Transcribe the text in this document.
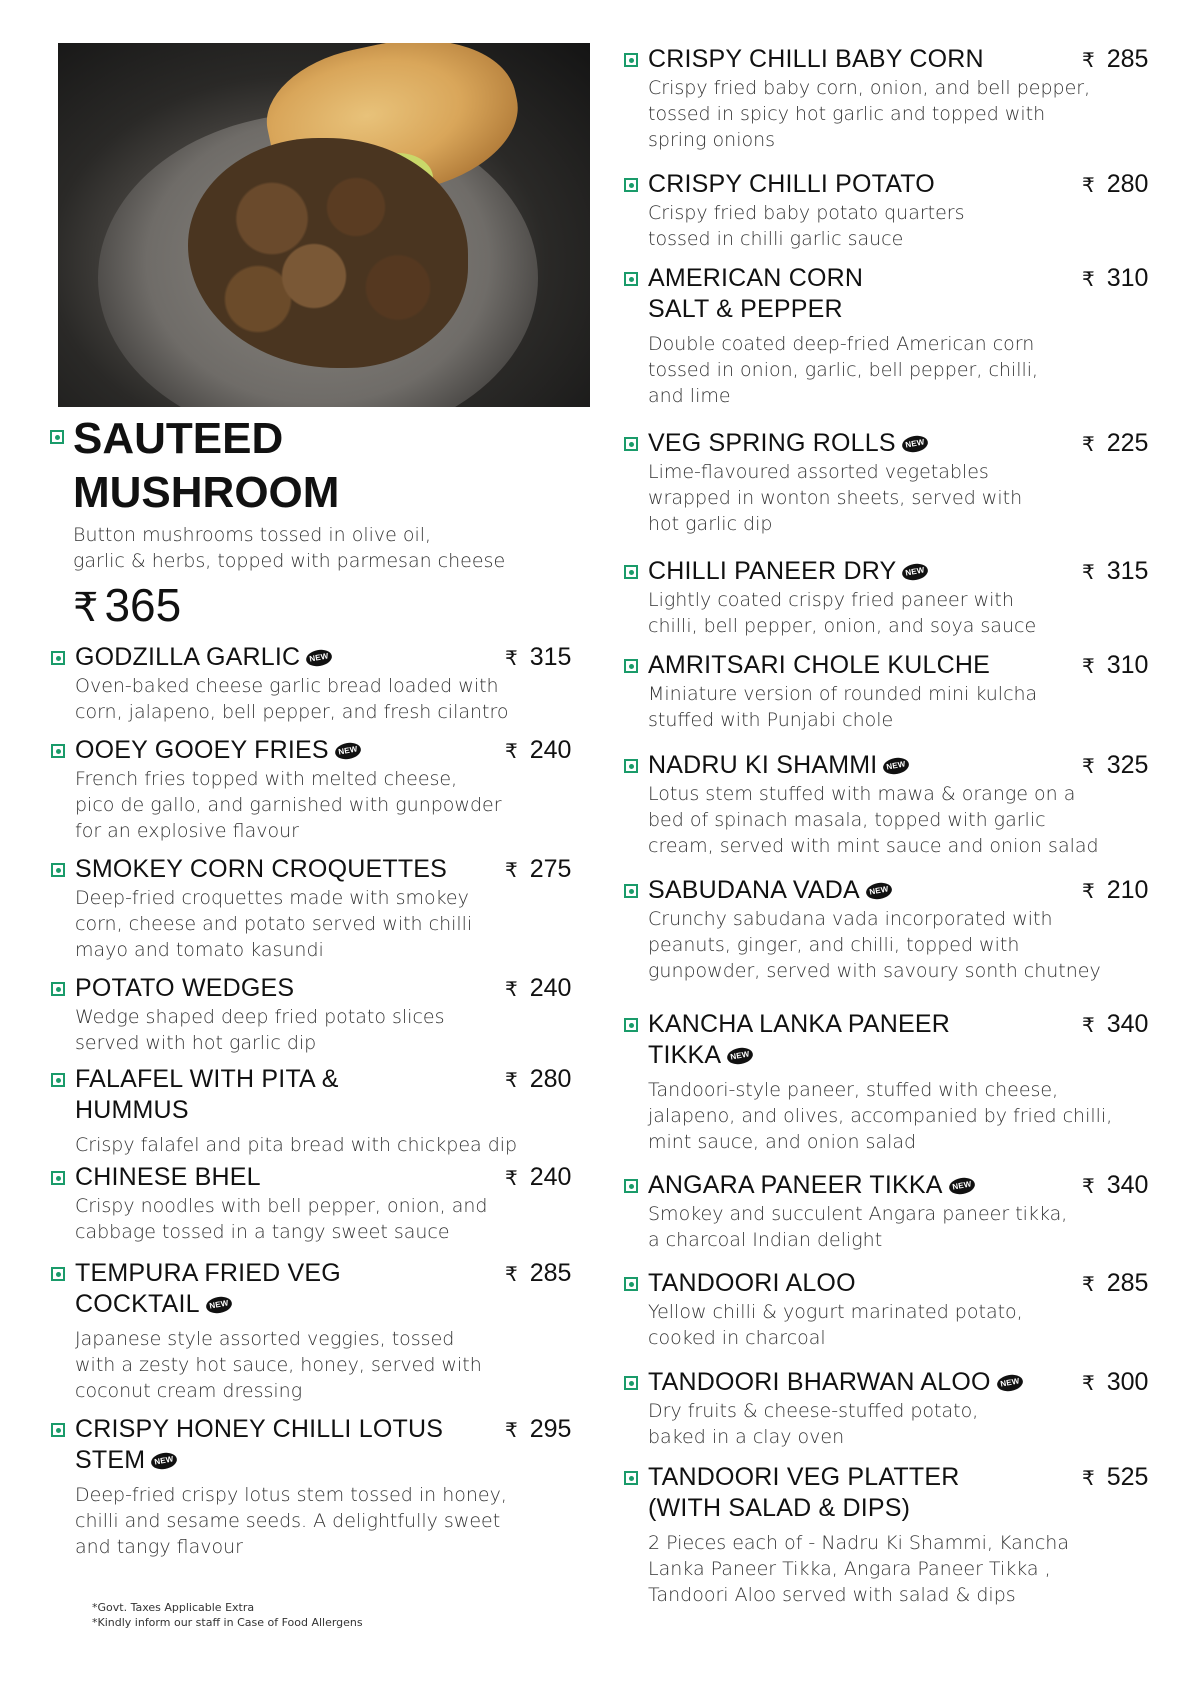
SAUTEED
MUSHROOM
Button mushrooms tossed in olive oil,
garlic & herbs, topped with parmesan cheese
₹ 365
GODZILLA GARLIC NEW
Oven-baked cheese garlic bread loaded with
corn, jalapeno, bell pepper, and fresh cilantro
₹ 315
OOEY GOOEY FRIES NEW
French fries topped with melted cheese,
pico de gallo, and garnished with gunpowder
for an explosive flavour
₹ 240
SMOKEY CORN CROQUETTES
Deep-fried croquettes made with smokey
corn, cheese and potato served with chilli
mayo and tomato kasundi
₹ 275
POTATO WEDGES
Wedge shaped deep fried potato slices
served with hot garlic dip
₹ 240
FALAFEL WITH PITA &
HUMMUS
Crispy falafel and pita bread with chickpea dip
₹ 280
CHINESE BHEL
Crispy noodles with bell pepper, onion, and
cabbage tossed in a tangy sweet sauce
₹ 240
TEMPURA FRIED VEG
COCKTAIL NEW
Japanese style assorted veggies, tossed
with a zesty hot sauce, honey, served with
coconut cream dressing
₹ 285
CRISPY HONEY CHILLI LOTUS
STEM NEW
Deep-fried crispy lotus stem tossed in honey,
chilli and sesame seeds. A delightfully sweet
and tangy flavour
₹ 295
CRISPY CHILLI BABY CORN
Crispy fried baby corn, onion, and bell pepper,
tossed in spicy hot garlic and topped with
spring onions
₹ 285
CRISPY CHILLI POTATO
Crispy fried baby potato quarters
tossed in chilli garlic sauce
₹ 280
AMERICAN CORN
SALT & PEPPER
Double coated deep-fried American corn
tossed in onion, garlic, bell pepper, chilli,
and lime
₹ 310
VEG SPRING ROLLS NEW
Lime-flavoured assorted vegetables
wrapped in wonton sheets, served with
hot garlic dip
₹ 225
CHILLI PANEER DRY NEW
Lightly coated crispy fried paneer with
chilli, bell pepper, onion, and soya sauce
₹ 315
AMRITSARI CHOLE KULCHE
Miniature version of rounded mini kulcha
stuffed with Punjabi chole
₹ 310
NADRU KI SHAMMI NEW
Lotus stem stuffed with mawa & orange on a
bed of spinach masala, topped with garlic
cream, served with mint sauce and onion salad
₹ 325
SABUDANA VADA NEW
Crunchy sabudana vada incorporated with
peanuts, ginger, and chilli, topped with
gunpowder, served with savoury sonth chutney
₹ 210
KANCHA LANKA PANEER
TIKKA NEW
Tandoori-style paneer, stuffed with cheese,
jalapeno, and olives, accompanied by fried chilli,
mint sauce, and onion salad
₹ 340
ANGARA PANEER TIKKA NEW
Smokey and succulent Angara paneer tikka,
a charcoal Indian delight
₹ 340
TANDOORI ALOO
Yellow chilli & yogurt marinated potato,
cooked in charcoal
₹ 285
TANDOORI BHARWAN ALOO NEW
Dry fruits & cheese-stuffed potato,
baked in a clay oven
₹ 300
TANDOORI VEG PLATTER
(WITH SALAD & DIPS)
2 Pieces each of - Nadru Ki Shammi, Kancha
Lanka Paneer Tikka, Angara Paneer Tikka ,
Tandoori Aloo served with salad & dips
₹ 525
*Govt. Taxes Applicable Extra
*Kindly inform our staff in Case of Food Allergens
